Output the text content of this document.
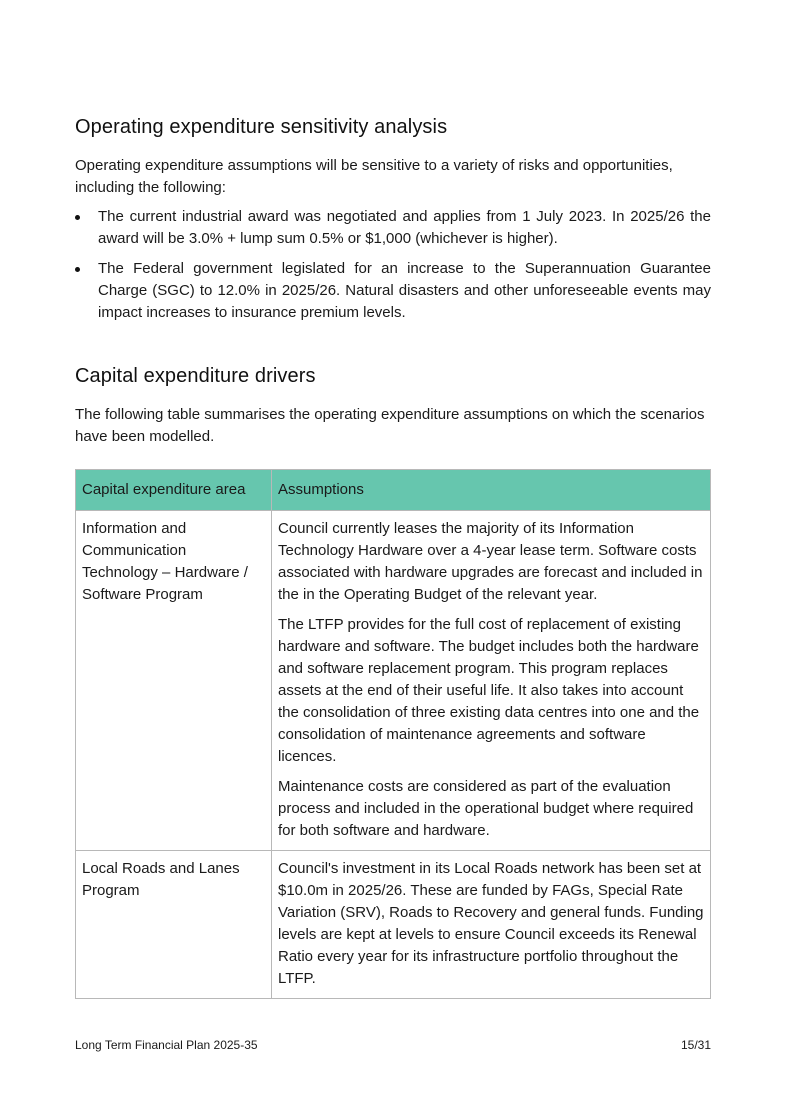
Operating expenditure sensitivity analysis

Operating expenditure assumptions will be sensitive to a variety of risks and opportunities, including the following:

The current industrial award was negotiated and applies from 1 July 2023. In 2025/26 the award will be 3.0% + lump sum 0.5% or $1,000 (whichever is higher).
The Federal government legislated for an increase to the Superannuation Guarantee Charge (SGC) to 12.0% in 2025/26. Natural disasters and other unforeseeable events may impact increases to insurance premium levels.
Capital expenditure drivers

The following table summarises the operating expenditure assumptions on which the scenarios have been modelled.

Capital expenditure area	Assumptions
Information and Communication Technology – Hardware / Software Program	Council currently leases the majority of its Information Technology Hardware over a 4-year lease term. Software costs associated with hardware upgrades are forecast and included in the in the Operating Budget of the relevant year.

The LTFP provides for the full cost of replacement of existing hardware and software. The budget includes both the hardware and software replacement program. This program replaces assets at the end of their useful life. It also takes into account the consolidation of three existing data centres into one and the consolidation of maintenance agreements and software licences.

Maintenance costs are considered as part of the evaluation process and included in the operational budget where required for both software and hardware.

Local Roads and Lanes Program	Council's investment in its Local Roads network has been set at $10.0m in 2025/26. These are funded by FAGs, Special Rate Variation (SRV), Roads to Recovery and general funds. Funding levels are kept at levels to ensure Council exceeds its Renewal Ratio every year for its infrastructure portfolio throughout the LTFP.

Long Term Financial Plan 2025-35	15/31
